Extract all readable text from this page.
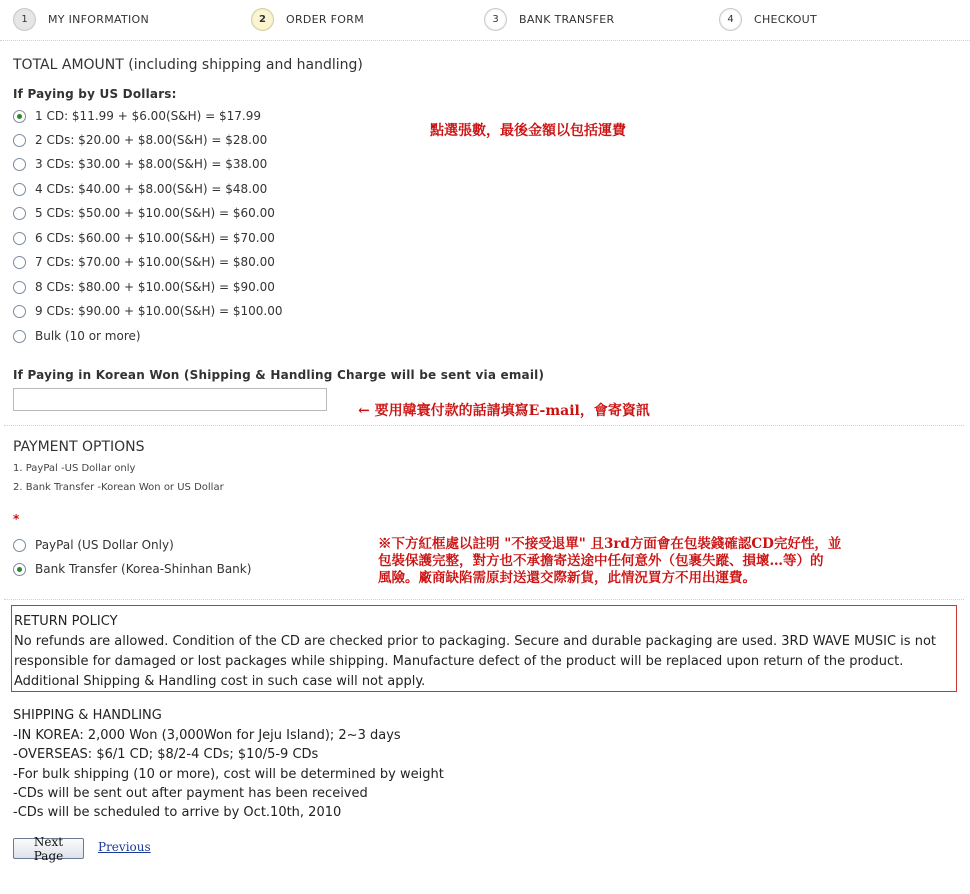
1	MY INFORMATION	2	ORDER FORM	3	BANK TRANSFER	4	CHECKOUT
TOTAL AMOUNT (including shipping and handling)
If Paying by US Dollars:
1 CD: $11.99 + $6.00(S&H) = $17.99
2 CDs: $20.00 + $8.00(S&H) = $28.00
3 CDs: $30.00 + $8.00(S&H) = $38.00
4 CDs: $40.00 + $8.00(S&H) = $48.00
5 CDs: $50.00 + $10.00(S&H) = $60.00
6 CDs: $60.00 + $10.00(S&H) = $70.00
7 CDs: $70.00 + $10.00(S&H) = $80.00
8 CDs: $80.00 + $10.00(S&H) = $90.00
9 CDs: $90.00 + $10.00(S&H) = $100.00
Bulk (10 or more)
點選張數，最後金額以包括運費
If Paying in Korean Won (Shipping & Handling Charge will be sent via email)
← 要用韓寰付款的話請填寫E-mail，會寄資訊
PAYMENT OPTIONS
1. PayPal -US Dollar only
2. Bank Transfer -Korean Won or US Dollar
*
PayPal (US Dollar Only)
Bank Transfer (Korea-Shinhan Bank)
※下方紅框處以註明 "不接受退單" 且3rd方面會在包裝錢確認CD完好性，並
包裝保護完整，對方也不承擔寄送途中任何意外（包裹失蹤、損壞…等）的
風險。廠商缺陷需原封送還交際新貨，此情況買方不用出運費。
RETURN POLICY
No refunds are allowed. Condition of the CD are checked prior to packaging. Secure and durable packaging are used. 3RD WAVE MUSIC is not responsible for damaged or lost packages while shipping. Manufacture defect of the product will be replaced upon return of the product. Additional Shipping & Handling cost in such case will not apply.
SHIPPING & HANDLING
-IN KOREA: 2,000 Won (3,000Won for Jeju Island); 2~3 days
-OVERSEAS: $6/1 CD; $8/2-4 CDs; $10/5-9 CDs
-For bulk shipping (10 or more), cost will be determined by weight
-CDs will be sent out after payment has been received
-CDs will be scheduled to arrive by Oct.10th, 2010
Next Page
Previous
